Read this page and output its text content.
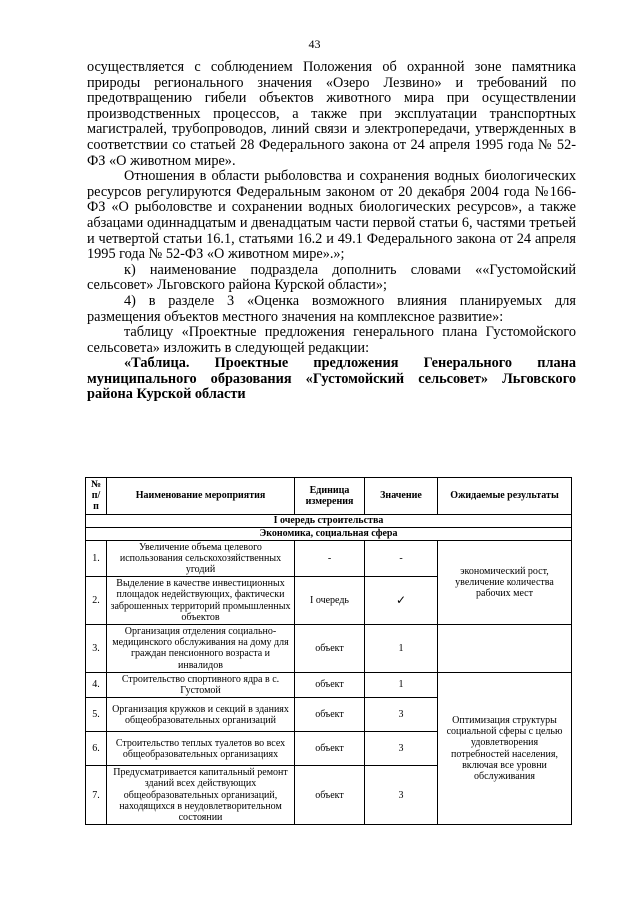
43

осуществляется с соблюдением Положения об охранной зоне памятника природы регионального значения «Озеро Лезвино» и требований по предотвращению гибели объектов животного мира при осуществлении производственных процессов, а также при эксплуатации транспортных магистралей, трубопроводов, линий связи и электропередачи, утвержденных в соответствии со статьей 28 Федерального закона от 24 апреля 1995 года № 52-ФЗ «О животном мире».

Отношения в области рыболовства и сохранения водных биологических ресурсов регулируются Федеральным законом от 20 декабря 2004 года №166-ФЗ «О рыболовстве и сохранении водных биологических ресурсов», а также абзацами одиннадцатым и двенадцатым части первой статьи 6, частями третьей и четвертой статьи 16.1, статьями 16.2 и 49.1 Федерального закона от 24 апреля 1995 года № 52-ФЗ «О животном мире».»;

к) наименование подраздела дополнить словами ««Густомойский сельсовет» Льговского района Курской области»;

4) в разделе 3 «Оценка возможного влияния планируемых для размещения объектов местного значения на комплексное развитие»:

таблицу «Проектные предложения генерального плана Густомойского сельсовета» изложить в следующей редакции:

«Таблица. Проектные предложения Генерального плана муниципального образования «Густомойский сельсовет» Льговского района Курской области

№ п/п	Наименование мероприятия	Единица измерения	Значение	Ожидаемые результаты
I очередь строительства				
Экономика, социальная сфера				
1.	Увеличение объема целевого использования сельскохозяйственных угодий	-	-	экономический рост, увеличение количества рабочих мест
2.	Выделение в качестве инвестиционных площадок недействующих, фактически заброшенных территорий промышленных объектов	I очередь	✓	
3.	Организация отделения социально-медицинского обслуживания на дому для граждан пенсионного возраста и инвалидов	объект	1	
4.	Строительство спортивного ядра в с. Густомой	объект	1	Оптимизация структуры социальной сферы с целью удовлетворения потребностей населения, включая все уровни обслуживания
5.	Организация кружков и секций в зданиях общеобразовательных организаций	объект	3	
6.	Строительство теплых туалетов во всех общеобразовательных организациях	объект	3	
7.	Предусматривается капитальный ремонт зданий всех действующих общеобразовательных организаций, находящихся в неудовлетворительном состоянии	объект	3	
